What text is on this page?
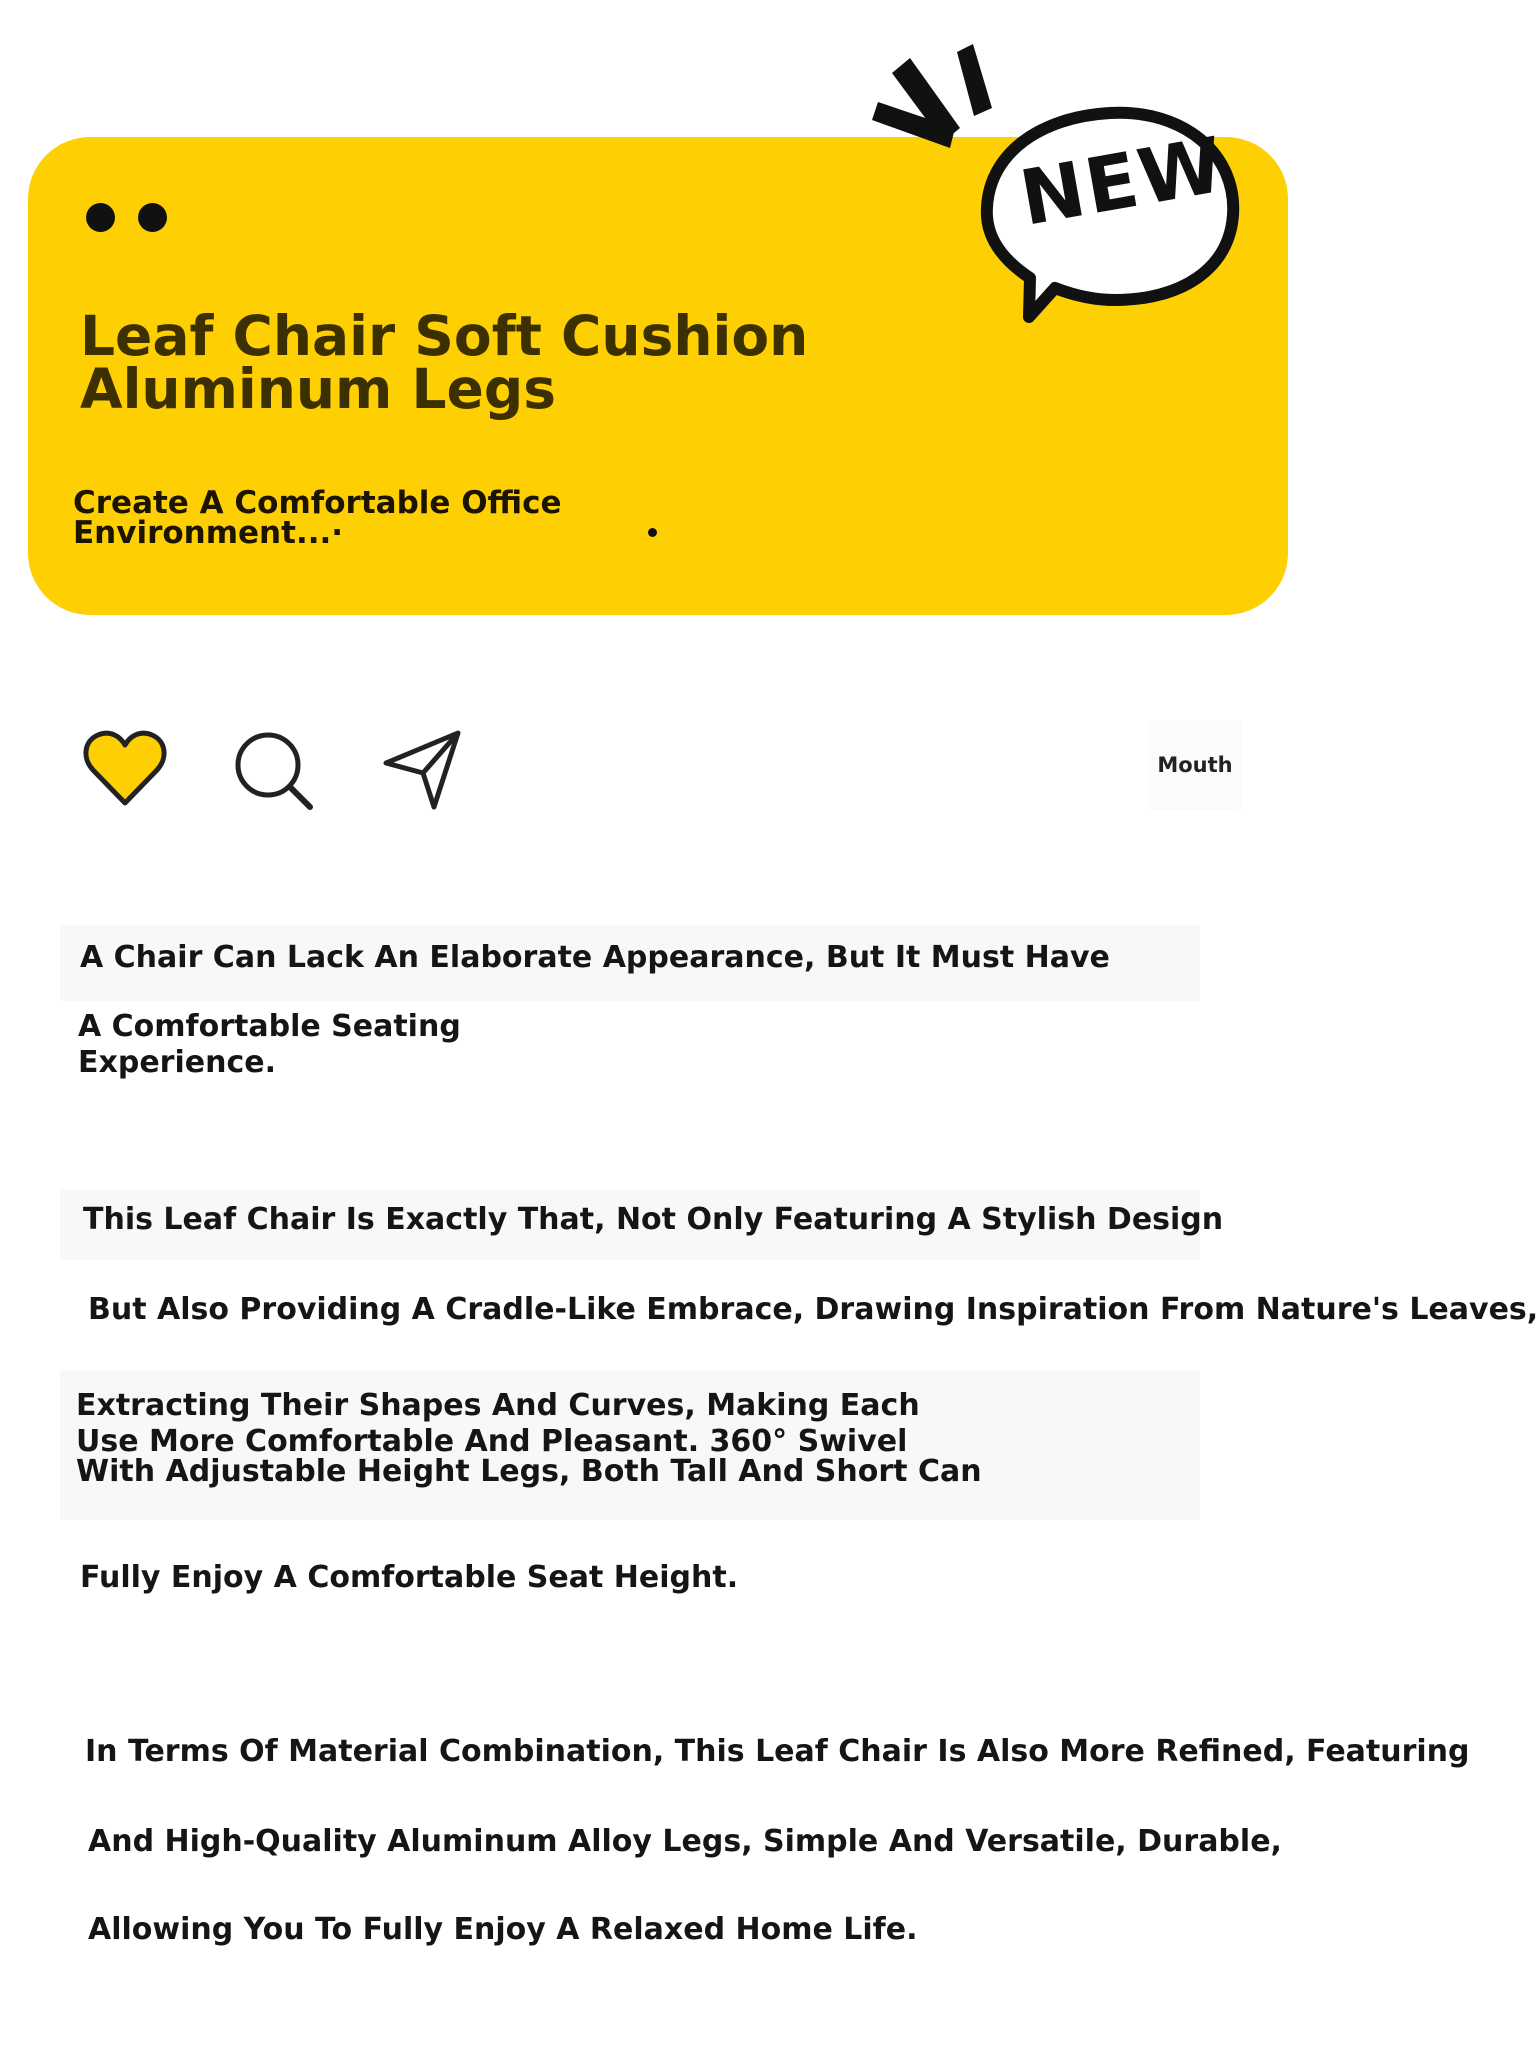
Leaf Chair Soft Cushion
Aluminum Legs

Create A Comfortable Office
Environment...·

NEW
Mouth

A Chair Can Lack An Elaborate Appearance, But It Must Have

A Comfortable Seating

Experience.

This Leaf Chair Is Exactly That, Not Only Featuring A Stylish Design

But Also Providing A Cradle-Like Embrace, Drawing Inspiration From Nature's Leaves,

Extracting Their Shapes And Curves, Making Each

Use More Comfortable And Pleasant. 360° Swivel

With Adjustable Height Legs, Both Tall And Short Can

Fully Enjoy A Comfortable Seat Height.

In Terms Of Material Combination, This Leaf Chair Is Also More Refined, Featuring

And High-Quality Aluminum Alloy Legs, Simple And Versatile, Durable,

Allowing You To Fully Enjoy A Relaxed Home Life.
